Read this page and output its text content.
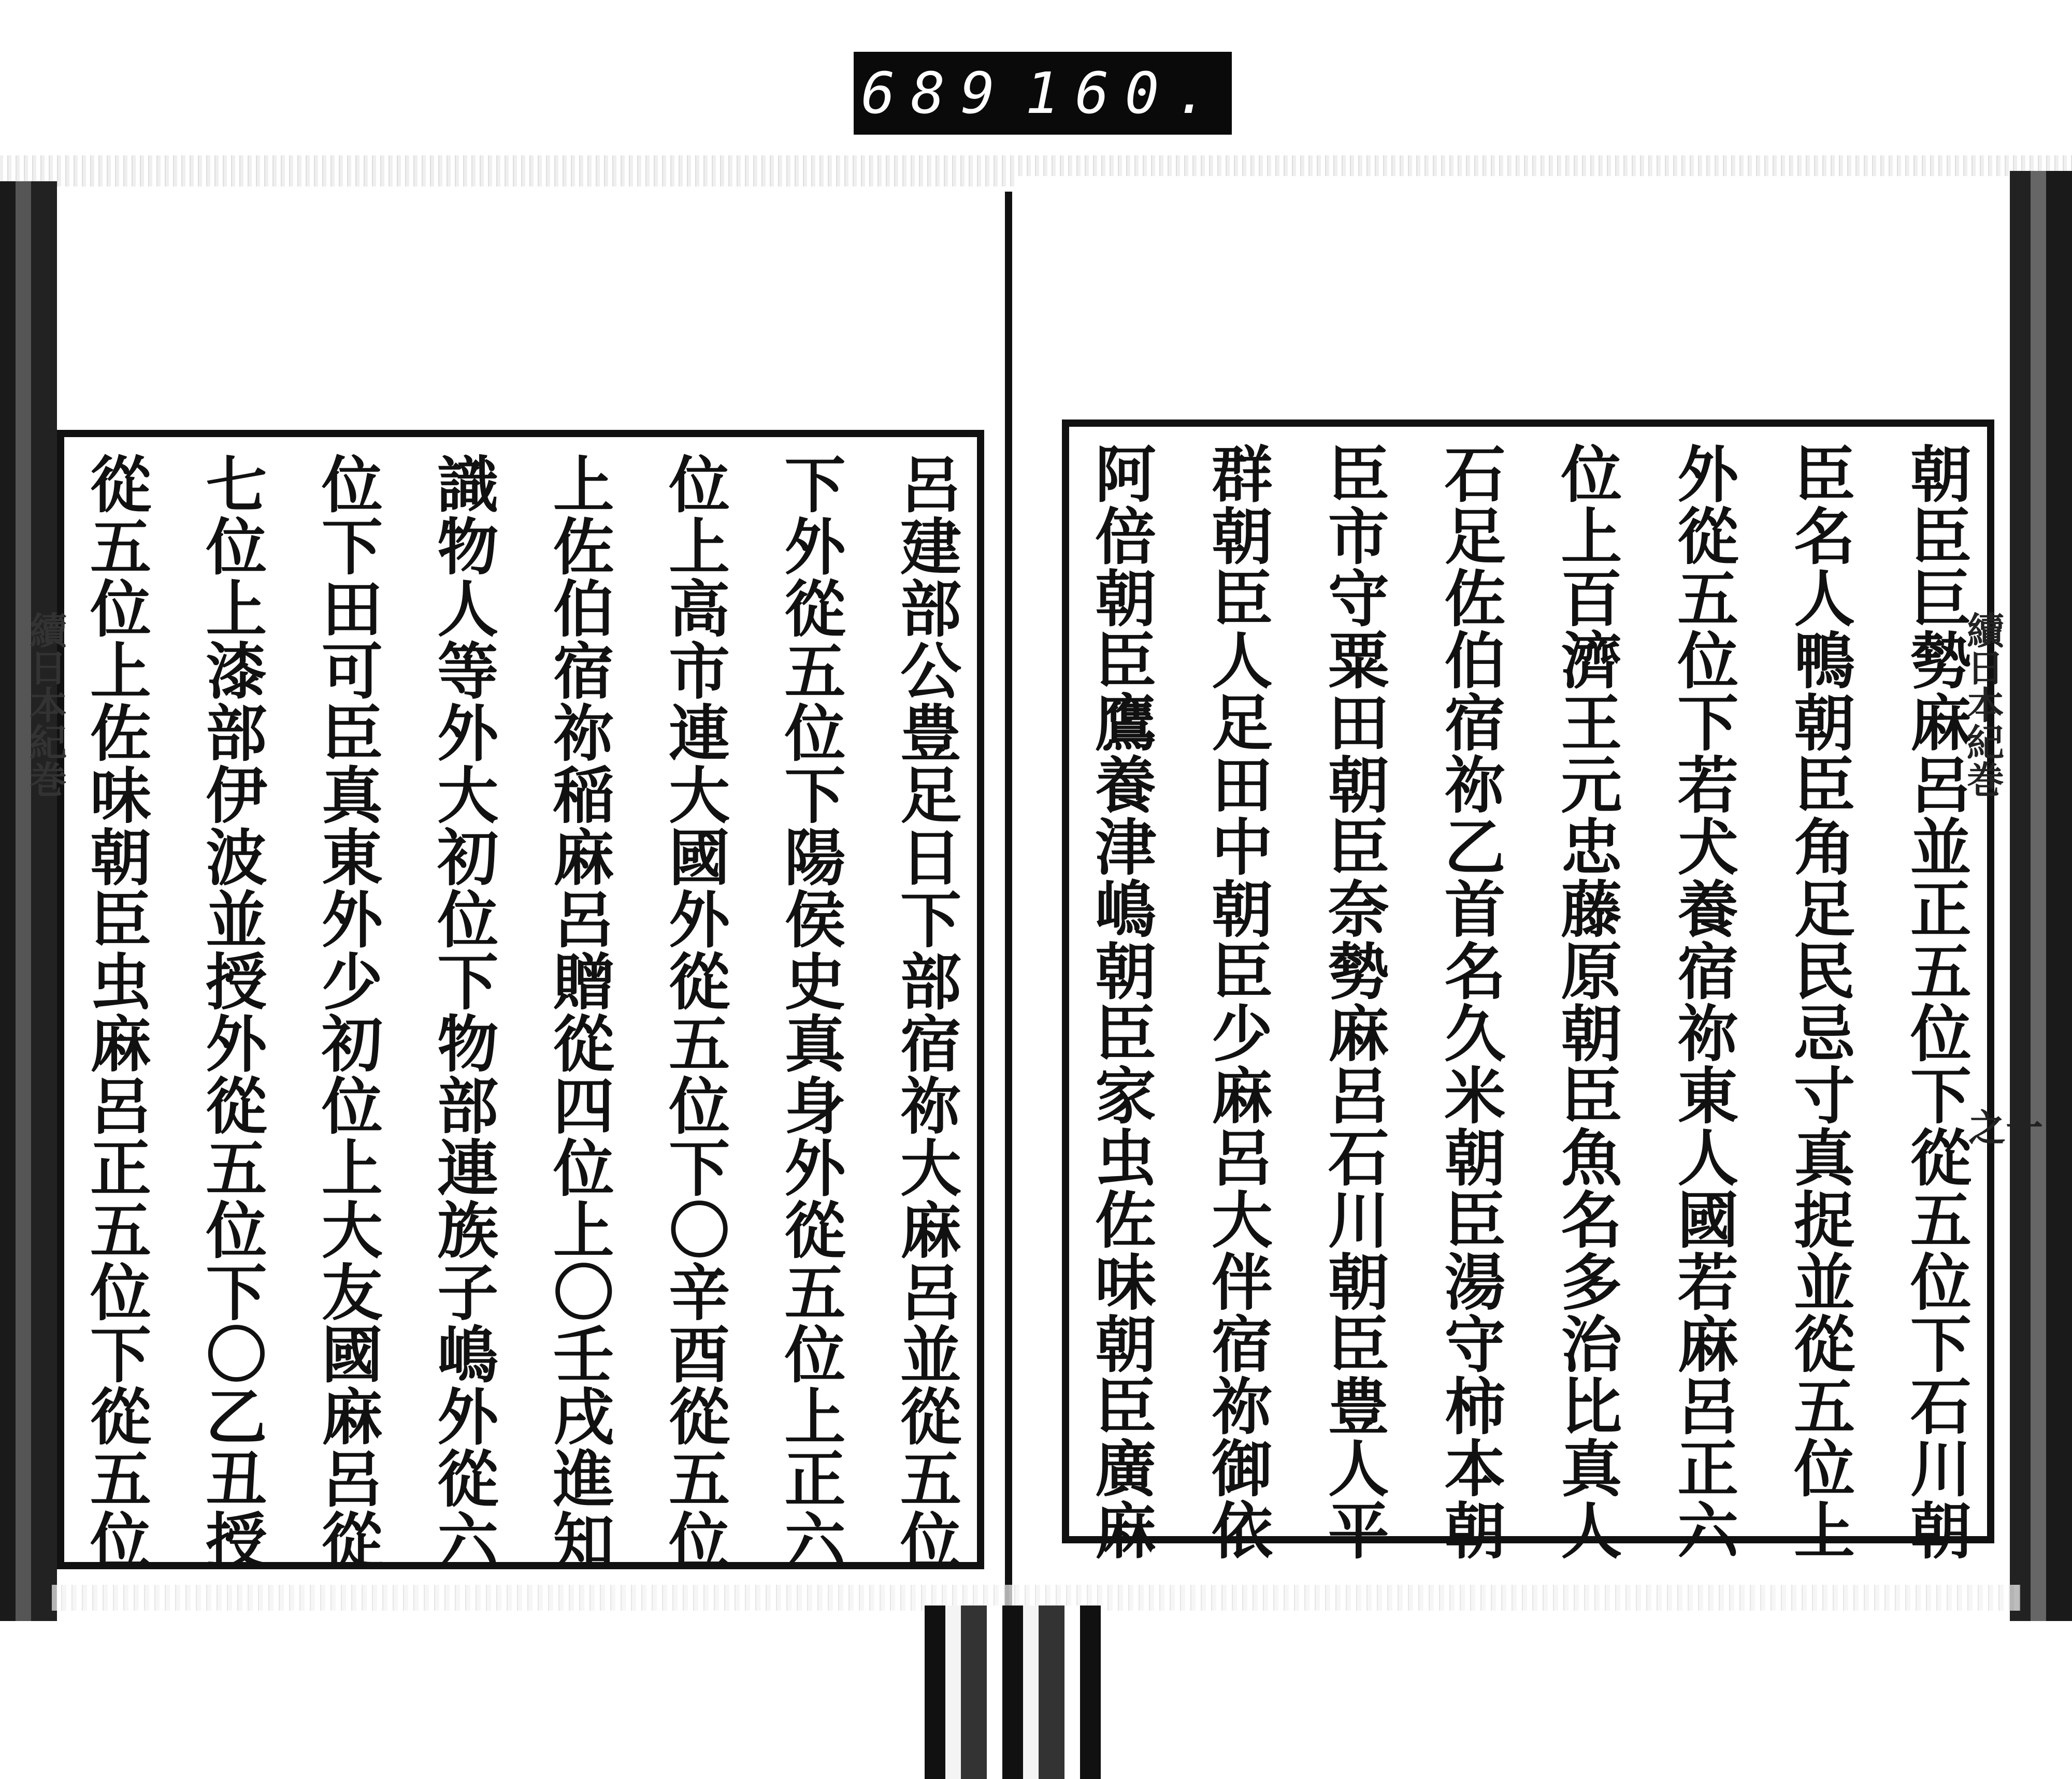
689 160.
朝臣巨勢麻呂並正五位下從五位下石川朝
臣名人鴨朝臣角足民忌寸真捉並從五位上
外從五位下若犬養宿祢東人國若麻呂正六
位上百濟王元忠藤原朝臣魚名多治比真人
石足佐伯宿祢乙首名久米朝臣湯守柿本朝
臣市守粟田朝臣奈勢麻呂石川朝臣豊人平
群朝臣人足田中朝臣少麻呂大伴宿祢御依
阿倍朝臣鷹養津嶋朝臣家虫佐味朝臣廣麻
呂建部公豊足日下部宿祢大麻呂並從五位
下外從五位下陽侯史真身外從五位上正六
位上高市連大國外從五位下〇辛酉從五位
上佐伯宿祢稲麻呂贈從四位上〇壬戌進知
識物人等外大初位下物部連族子嶋外從六
位下田可臣真東外少初位上大友國麻呂從
七位上漆部伊波並授外從五位下〇乙丑授
從五位上佐味朝臣虫麻呂正五位下從五位	續日本紀巻
之一
續日本紀巻
